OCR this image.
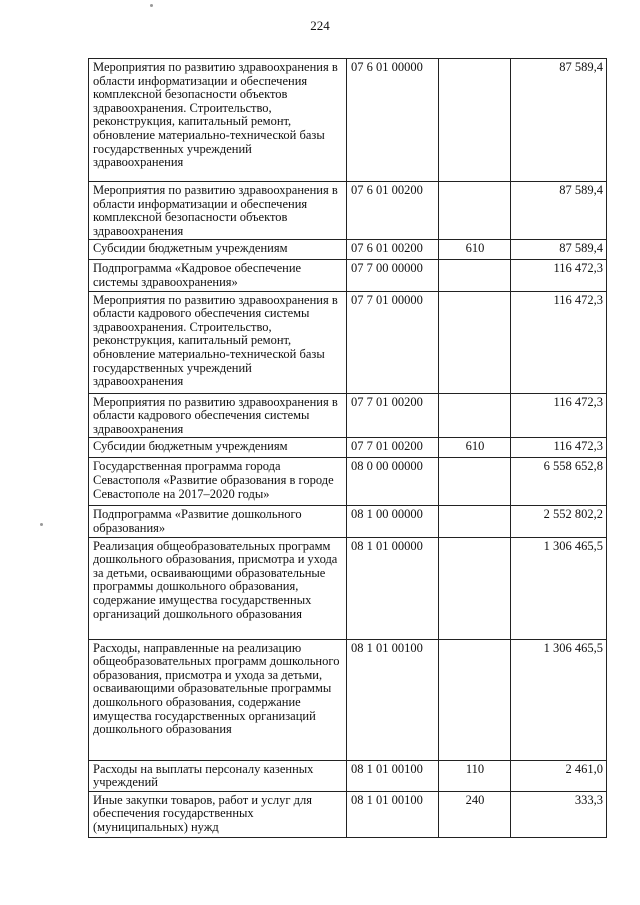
224
Мероприятия по развитию здравоохранения в области информатизации и обеспечения комплексной безопасности объектов здравоохранения. Строительство, реконструкция, капитальный ремонт, обновление материально-технической базы государственных учреждений здравоохранения	07 6 01 00000		87 589,4
Мероприятия по развитию здравоохранения в области информатизации и обеспечения комплексной безопасности объектов здравоохранения	07 6 01 00200		87 589,4
Субсидии бюджетным учреждениям	07 6 01 00200	610	87 589,4
Подпрограмма «Кадровое обеспечение системы здравоохранения»	07 7 00 00000		116 472,3
Мероприятия по развитию здравоохранения в области кадрового обеспечения системы здравоохранения. Строительство, реконструкция, капитальный ремонт, обновление материально-технической базы государственных учреждений здравоохранения	07 7 01 00000		116 472,3
Мероприятия по развитию здравоохранения в области кадрового обеспечения системы здравоохранения	07 7 01 00200		116 472,3
Субсидии бюджетным учреждениям	07 7 01 00200	610	116 472,3
Государственная программа города Севастополя «Развитие образования в городе Севастополе на 2017–2020 годы»	08 0 00 00000		6 558 652,8
Подпрограмма «Развитие дошкольного образования»	08 1 00 00000		2 552 802,2
Реализация общеобразовательных программ дошкольного образования, присмотра и ухода за детьми, осваивающими образовательные программы дошкольного образования, содержание имущества государственных организаций дошкольного образования	08 1 01 00000		1 306 465,5
Расходы, направленные на реализацию общеобразовательных программ дошкольного образования, присмотра и ухода за детьми, осваивающими образовательные программы дошкольного образования, содержание имущества государственных организаций дошкольного образования	08 1 01 00100		1 306 465,5
Расходы на выплаты персоналу казенных учреждений	08 1 01 00100	110	2 461,0
Иные закупки товаров, работ и услуг для обеспечения государственных (муниципальных) нужд	08 1 01 00100	240	333,3
